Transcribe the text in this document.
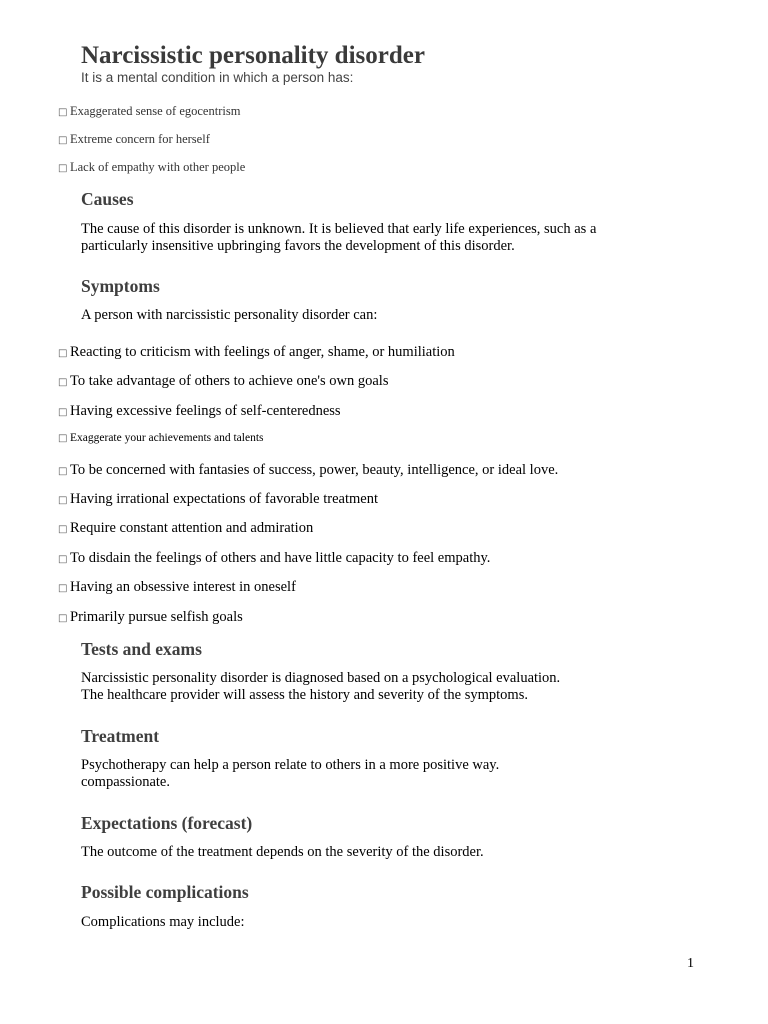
Narcissistic personality disorder
It is a mental condition in which a person has:
□ Exaggerated sense of egocentrism
□ Extreme concern for herself
□ Lack of empathy with other people
Causes

The cause of this disorder is unknown. It is believed that early life experiences, such as a particularly insensitive upbringing favors the development of this disorder.

Symptoms

A person with narcissistic personality disorder can:

□ Reacting to criticism with feelings of anger, shame, or humiliation
□ To take advantage of others to achieve one's own goals
□ Having excessive feelings of self-centeredness
□ Exaggerate your achievements and talents
□ To be concerned with fantasies of success, power, beauty, intelligence, or ideal love.
□ Having irrational expectations of favorable treatment
□ Require constant attention and admiration
□ To disdain the feelings of others and have little capacity to feel empathy.
□ Having an obsessive interest in oneself
□ Primarily pursue selfish goals
Tests and exams

Narcissistic personality disorder is diagnosed based on a psychological evaluation.

The healthcare provider will assess the history and severity of the symptoms.

Treatment

Psychotherapy can help a person relate to others in a more positive way.

compassionate.

Expectations (forecast)

The outcome of the treatment depends on the severity of the disorder.

Possible complications

Complications may include:

1
